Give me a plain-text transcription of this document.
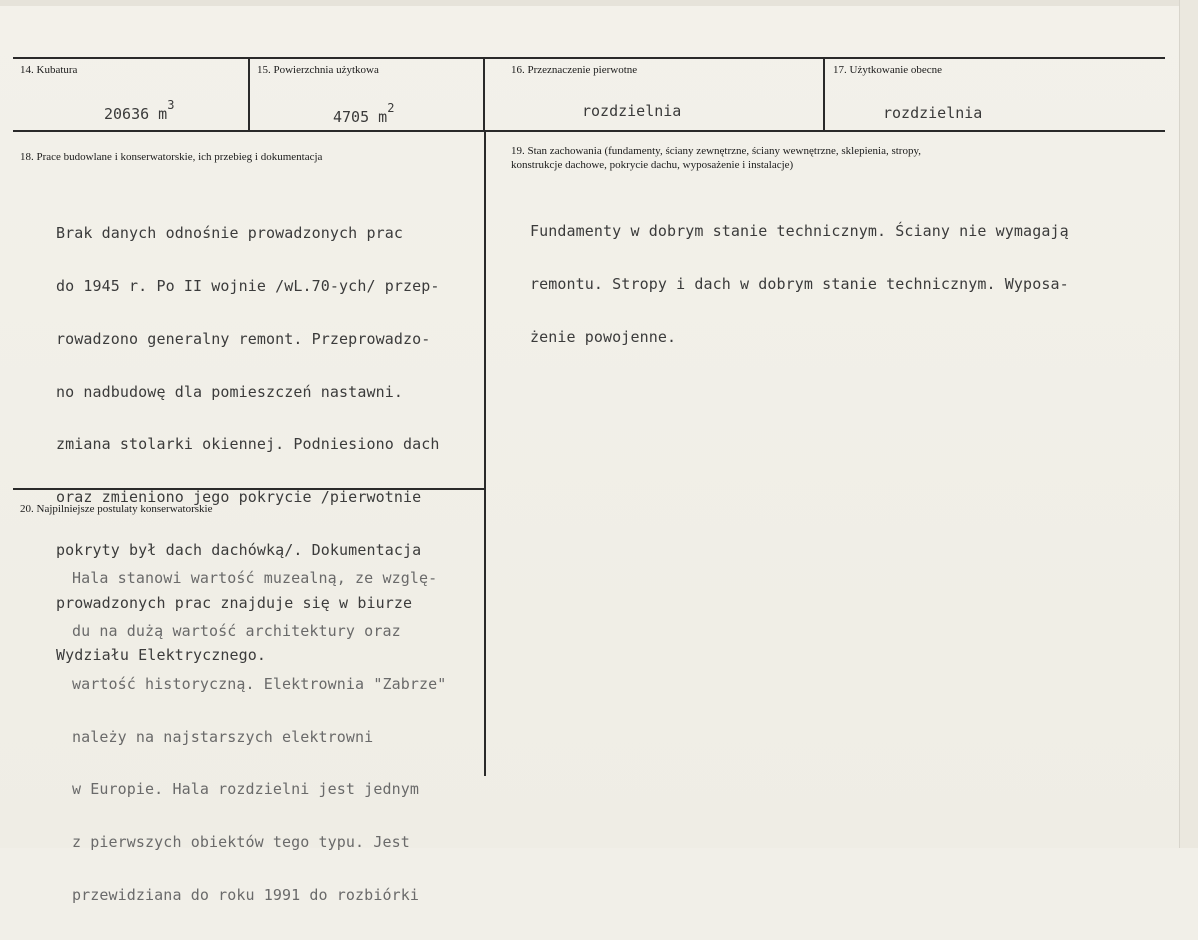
14. Kubatura
20636 $m^3$
15. Powierzchnia użytkowa
4705 $m^2$
16. Przeznaczenie pierwotne
rozdzielnia
17. Użytkowanie obecne
rozdzielnia
18. Prace budowlane i konserwatorskie, ich przebieg i dokumentacja

Brak danych odnośnie prowadzonych prac

do 1945 r. Po II wojnie /wL.70-ych/ przep-

rowadzono generalny remont. Przeprowadzo-

no nadbudowę dla pomieszczeń nastawni.

zmiana stolarki okiennej. Podniesiono dach

oraz zmieniono jego pokrycie /pierwotnie

pokryty był dach dachówką/. Dokumentacja

prowadzonych prac znajduje się w biurze

Wydziału Elektrycznego.

19. Stan zachowania (fundamenty, ściany zewnętrzne, ściany wewnętrzne, sklepienia, stropy,
konstrukcje dachowe, pokrycie dachu, wyposażenie i instalacje)

Fundamenty w dobrym stanie technicznym. Ściany nie wymagają

remontu. Stropy i dach w dobrym stanie technicznym. Wyposa-

żenie powojenne.

20. Najpilniejsze postulaty konserwatorskie

Hala stanowi wartość muzealną, ze wzglę-

du na dużą wartość architektury oraz

wartość historyczną. Elektrownia "Zabrze"

należy na najstarszych elektrowni

w Europie. Hala rozdzielni jest jednym

z pierwszych obiektów tego typu. Jest

przewidziana do roku 1991 do rozbiórki
